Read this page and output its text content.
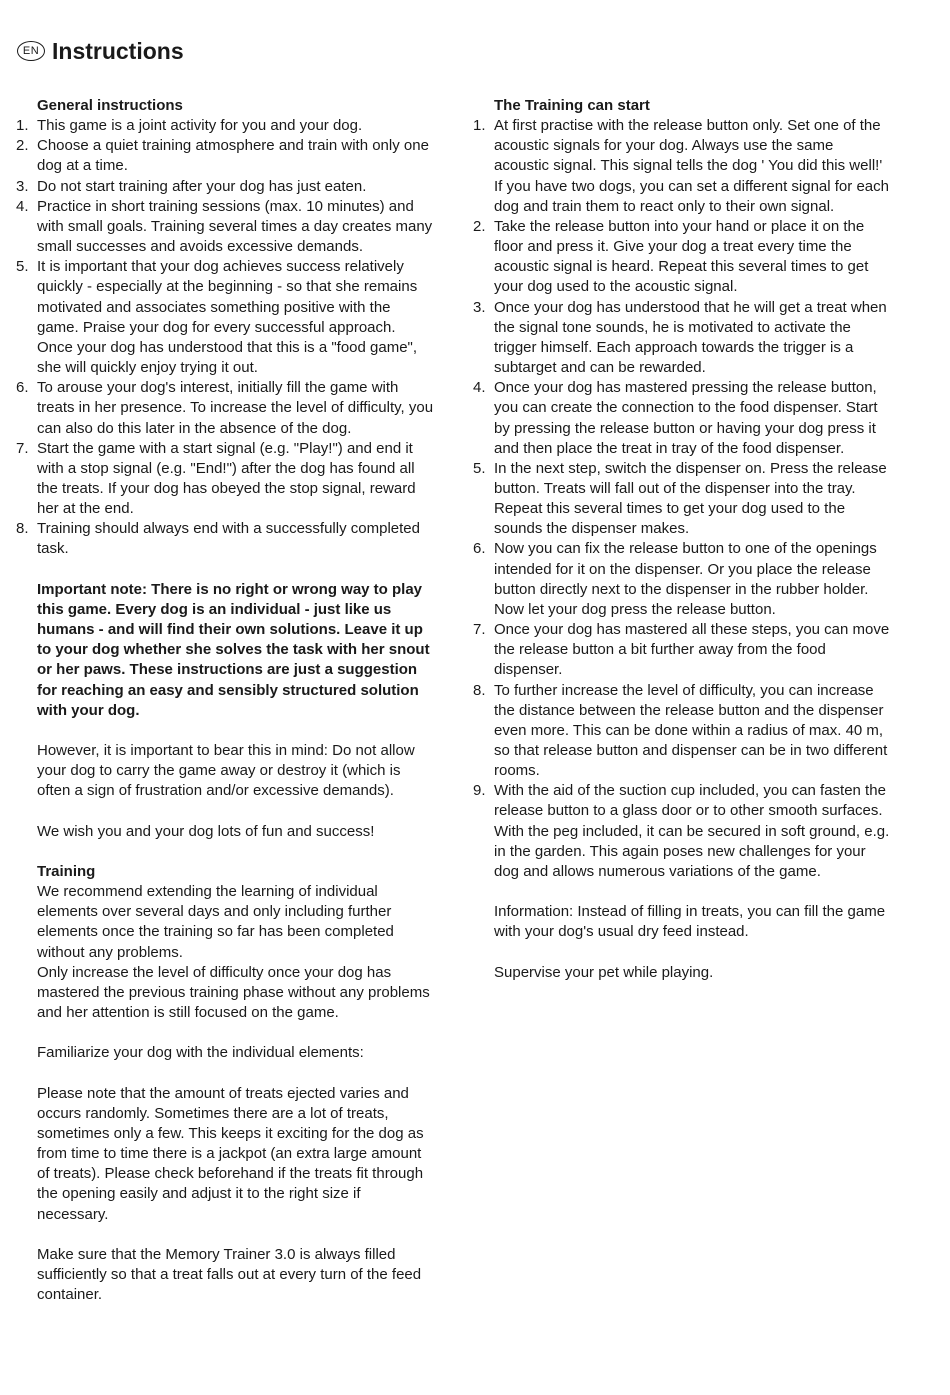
EN Instructions

General instructions

1. This game is a joint activity for you and your dog.
2. Choose a quiet training atmosphere and train with only one dog at a time.
3. Do not start training after your dog has just eaten.
4. Practice in short training sessions (max. 10 minutes) and with small goals. Training several times a day creates many small successes and avoids excessive demands.
5. It is important that your dog achieves success relatively quickly - especially at the beginning - so that she remains motivated and associates something positive with the game. Praise your dog for every successful approach. Once your dog has understood that this is a "food game", she will quickly enjoy trying it out.
6. To arouse your dog's interest, initially fill the game with treats in her presence. To increase the level of difficulty, you can also do this later in the absence of the dog.
7. Start the game with a start signal (e.g. "Play!") and end it with a stop signal (e.g. "End!") after the dog has found all the treats. If your dog has obeyed the stop signal, reward her at the end.
8. Training should always end with a successfully completed task.

Important note: There is no right or wrong way to play this game. Every dog is an individual - just like us humans - and will find their own solutions. Leave it up to your dog whether she solves the task with her snout or her paws. These instructions are just a suggestion for reaching an easy and sensibly structured solution with your dog.

However, it is important to bear this in mind: Do not allow your dog to carry the game away or destroy it (which is often a sign of frustration and/or excessive demands).

We wish you and your dog lots of fun and success!

Training

We recommend extending the learning of individual elements over several days and only including further elements once the training so far has been completed without any problems.

Only increase the level of difficulty once your dog has mastered the previous training phase without any problems and her attention is still focused on the game.

Familiarize your dog with the individual elements:

Please note that the amount of treats ejected varies and occurs randomly. Sometimes there are a lot of treats, sometimes only a few. This keeps it exciting for the dog as from time to time there is a jackpot (an extra large amount of treats). Please check beforehand if the treats fit through the opening easily and adjust it to the right size if necessary.

Make sure that the Memory Trainer 3.0 is always filled sufficiently so that a treat falls out at every turn of the feed container.

The Training can start

1. At first practise with the release button only. Set one of the acoustic signals for your dog. Always use the same acoustic signal. This signal tells the dog ' You did this well!' If you have two dogs, you can set a different signal for each dog and train them to react only to their own signal.
2. Take the release button into your hand or place it on the floor and press it. Give your dog a treat every time the acoustic signal is heard. Repeat this several times to get your dog used to the acoustic signal.
3. Once your dog has understood that he will get a treat when the signal tone sounds, he is motivated to activate the trigger himself. Each approach towards the trigger is a subtarget and can be rewarded.
4. Once your dog has mastered pressing the release button, you can create the connection to the food dispenser. Start by pressing the release button or having your dog press it and then place the treat in tray of the food dispenser.
5. In the next step, switch the dispenser on. Press the release button. Treats will fall out of the dispenser into the tray. Repeat this several times to get your dog used to the sounds the dispenser makes.
6. Now you can fix the release button to one of the openings intended for it on the dispenser. Or you place the release button directly next to the dispenser in the rubber holder. Now let your dog press the release button.
7. Once your dog has mastered all these steps, you can move the release button a bit further away from the food dispenser.
8. To further increase the level of difficulty, you can increase the distance between the release button and the dispenser even more. This can be done within a radius of max. 40 m, so that release button and dispenser can be in two different rooms.
9. With the aid of the suction cup included, you can fasten the release button to a glass door or to other smooth surfaces. With the peg included, it can be secured in soft ground, e.g. in the garden. This again poses new challenges for your dog and allows numerous variations of the game.

Information: Instead of filling in treats, you can fill the game with your dog's usual dry feed instead.

Supervise your pet while playing.
